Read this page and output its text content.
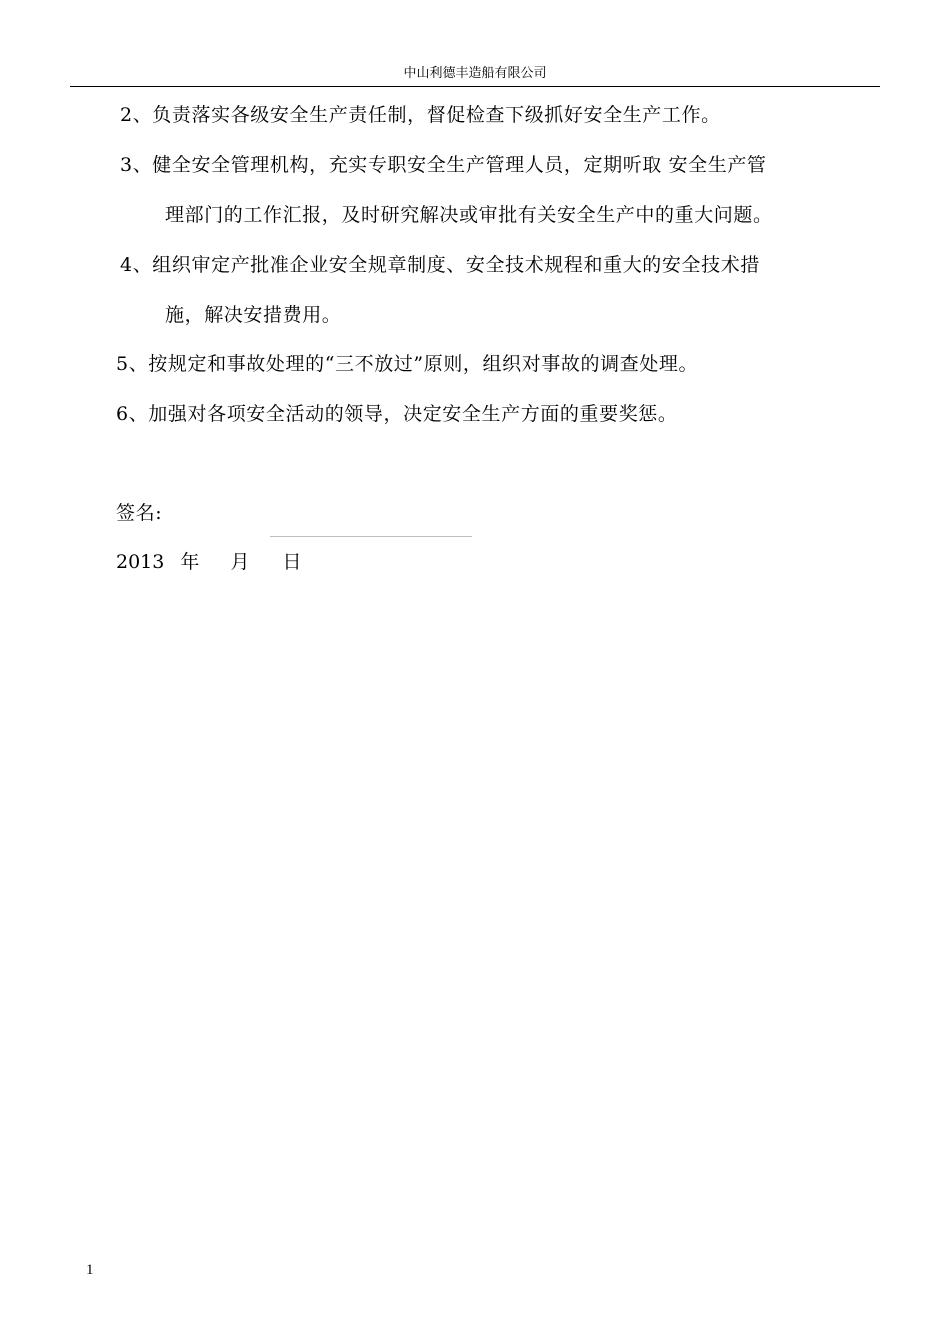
中山利德丰造船有限公司
2、负责落实各级安全生产责任制，督促检查下级抓好安全生产工作。
3、健全安全管理机构，充实专职安全生产管理人员，定期听取 安全生产管
理部门的工作汇报，及时研究解决或审批有关安全生产中的重大问题。
4、组织审定产批准企业安全规章制度、安全技术规程和重大的安全技术措
施，解决安措费用。
5、按规定和事故处理的“三不放过”原则，组织对事故的调查处理。
6、加强对各项安全活动的领导，决定安全生产方面的重要奖惩。
签名:
2013 年 月 日
1
